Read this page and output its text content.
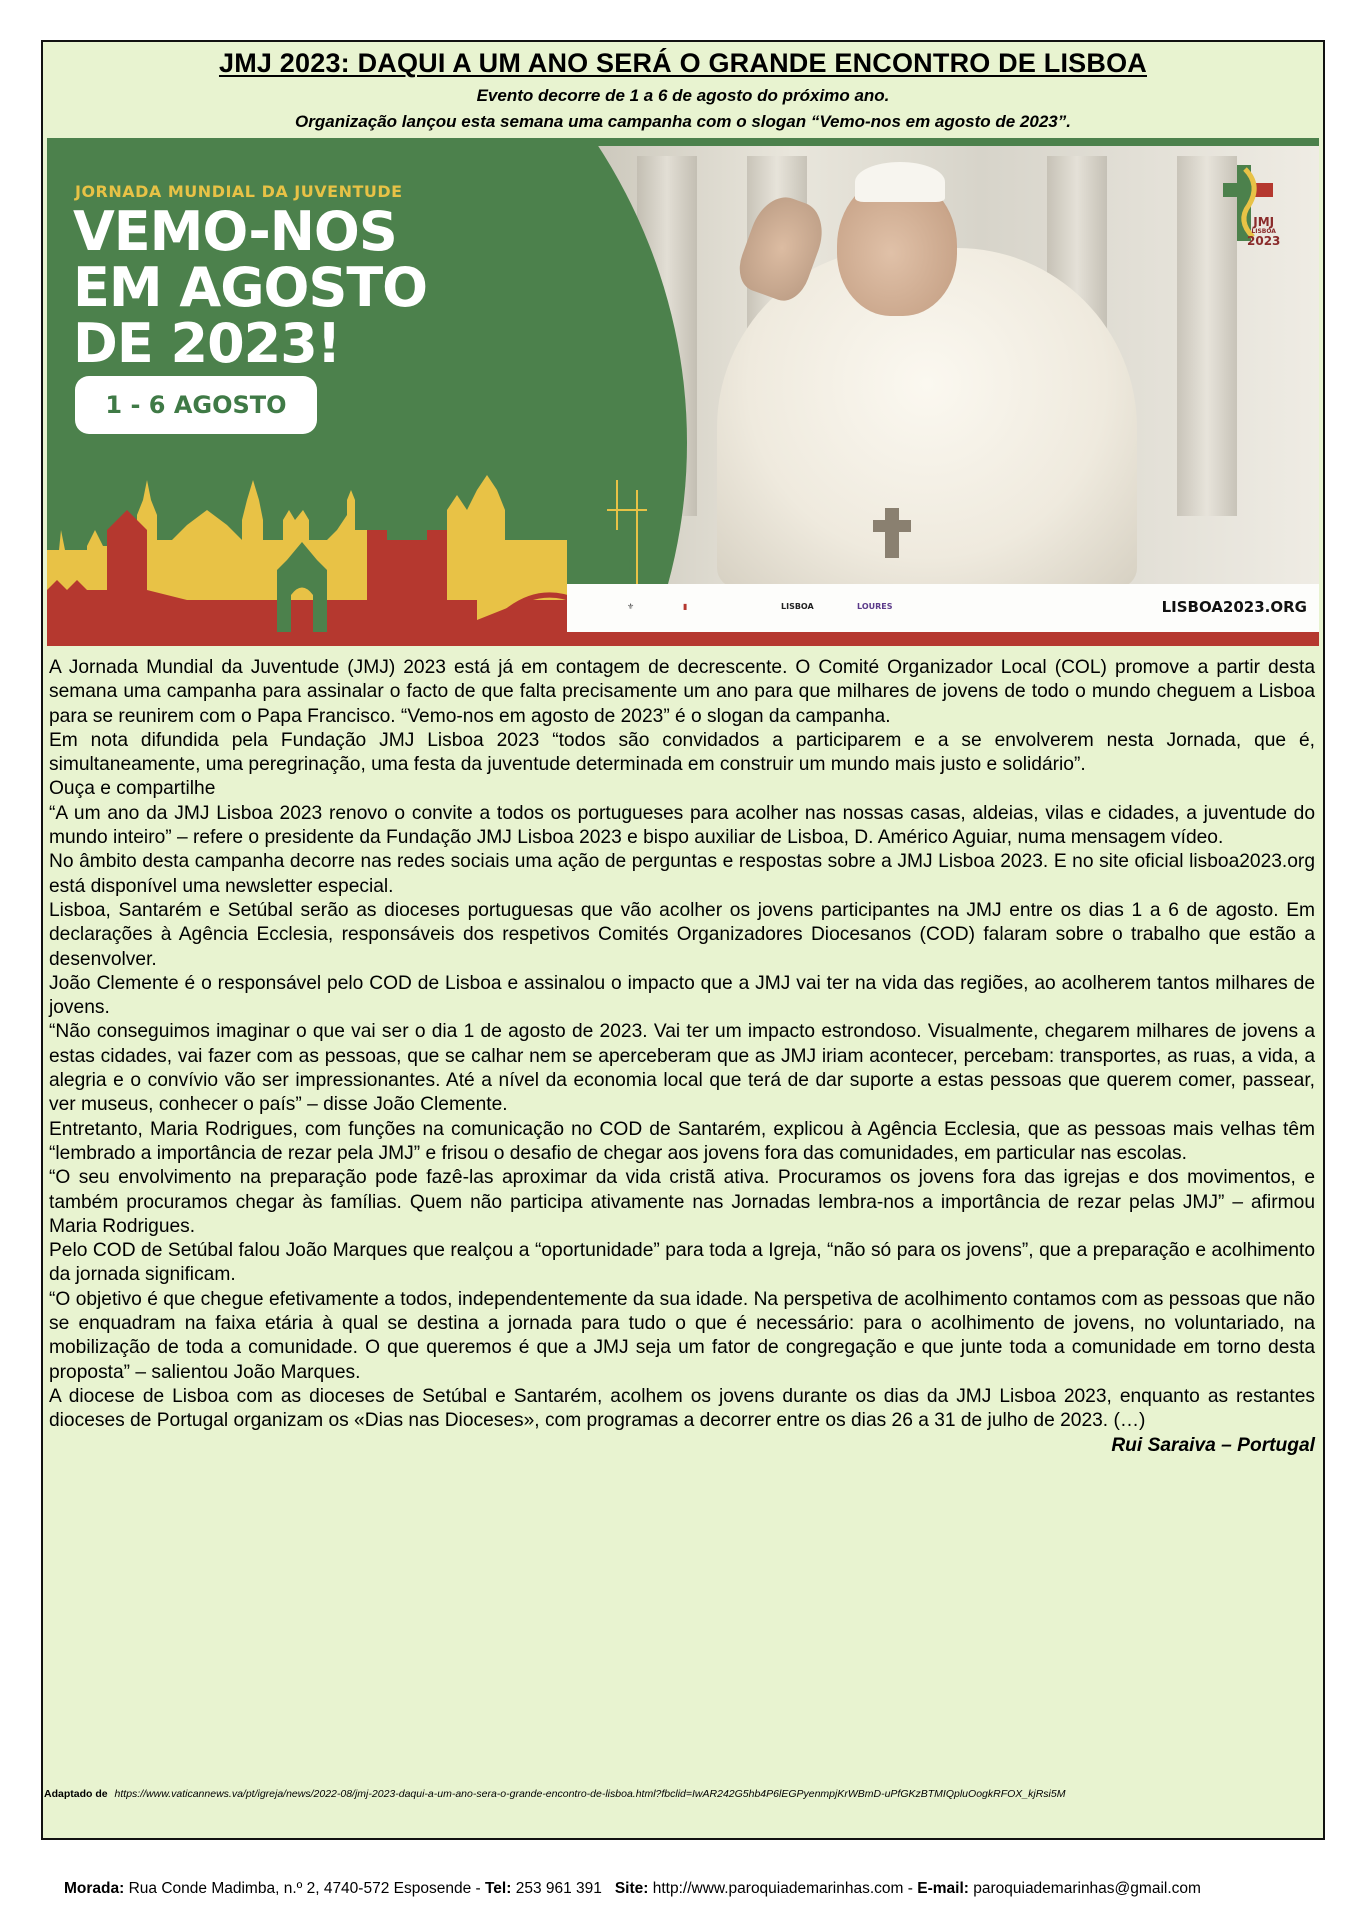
JMJ 2023: DAQUI A UM ANO SERÁ O GRANDE ENCONTRO DE LISBOA
Evento decorre de 1 a 6 de agosto do próximo ano.
Organização lançou esta semana uma campanha com o slogan “Vemo-nos em agosto de 2023”.
JORNADA MUNDIAL DA JUVENTUDE
VEMO-NOS
EM AGOSTO
DE 2023!
1 - 6 AGOSTO
JMJ
LISBOA
2023
⚜	▮	LISBOA	LOURES	LISBOA2023.ORG

A Jornada Mundial da Juventude (JMJ) 2023 está já em contagem de decrescente. O Comité Organizador Local (COL) promove a partir desta semana uma campanha para assinalar o facto de que falta precisamente um ano para que milhares de jovens de todo o mundo cheguem a Lisboa para se reunirem com o Papa Francisco. “Vemo-nos em agosto de 2023” é o slogan da campanha.

Em nota difundida pela Fundação JMJ Lisboa 2023 “todos são convidados a participarem e a se envolverem nesta Jornada, que é, simultaneamente, uma peregrinação, uma festa da juventude determinada em construir um mundo mais justo e solidário”.

Ouça e compartilhe

“A um ano da JMJ Lisboa 2023 renovo o convite a todos os portugueses para acolher nas nossas casas, aldeias, vilas e cidades, a juventude do mundo inteiro” – refere o presidente da Fundação JMJ Lisboa 2023 e bispo auxiliar de Lisboa, D. Américo Aguiar, numa mensagem vídeo.

No âmbito desta campanha decorre nas redes sociais uma ação de perguntas e respostas sobre a JMJ Lisboa 2023. E no site oficial lisboa2023.org está disponível uma newsletter especial.

Lisboa, Santarém e Setúbal serão as dioceses portuguesas que vão acolher os jovens participantes na JMJ entre os dias 1 a 6 de agosto. Em declarações à Agência Ecclesia, responsáveis dos respetivos Comités Organizadores Diocesanos (COD) falaram sobre o trabalho que estão a desenvolver.

João Clemente é o responsável pelo COD de Lisboa e assinalou o impacto que a JMJ vai ter na vida das regiões, ao acolherem tantos milhares de jovens.

“Não conseguimos imaginar o que vai ser o dia 1 de agosto de 2023. Vai ter um impacto estrondoso. Visualmente, chegarem milhares de jovens a estas cidades, vai fazer com as pessoas, que se calhar nem se aperceberam que as JMJ iriam acontecer, percebam: transportes, as ruas, a vida, a alegria e o convívio vão ser impressionantes. Até a nível da economia local que terá de dar suporte a estas pessoas que querem comer, passear, ver museus, conhecer o país” – disse João Clemente.

Entretanto, Maria Rodrigues, com funções na comunicação no COD de Santarém, explicou à Agência Ecclesia, que as pessoas mais velhas têm “lembrado a importância de rezar pela JMJ” e frisou o desafio de chegar aos jovens fora das comunidades, em particular nas escolas.

“O seu envolvimento na preparação pode fazê-las aproximar da vida cristã ativa. Procuramos os jovens fora das igrejas e dos movimentos, e também procuramos chegar às famílias. Quem não participa ativamente nas Jornadas lembra-nos a importância de rezar pelas JMJ” – afirmou Maria Rodrigues.

Pelo COD de Setúbal falou João Marques que realçou a “oportunidade” para toda a Igreja, “não só para os jovens”, que a preparação e acolhimento da jornada significam.

“O objetivo é que chegue efetivamente a todos, independentemente da sua idade. Na perspetiva de acolhimento contamos com as pessoas que não se enquadram na faixa etária à qual se destina a jornada para tudo o que é necessário: para o acolhimento de jovens, no voluntariado, na mobilização de toda a comunidade. O que queremos é que a JMJ seja um fator de congregação e que junte toda a comunidade em torno desta proposta” – salientou João Marques.

A diocese de Lisboa com as dioceses de Setúbal e Santarém, acolhem os jovens durante os dias da JMJ Lisboa 2023, enquanto as restantes dioceses de Portugal organizam os «Dias nas Dioceses», com programas a decorrer entre os dias 26 a 31 de julho de 2023. (…)
Rui Saraiva – Portugal

Adaptado de https://www.vaticannews.va/pt/igreja/news/2022-08/jmj-2023-daqui-a-um-ano-sera-o-grande-encontro-de-lisboa.html?fbclid=IwAR242G5hb4P6lEGPyenmpjKrWBmD-uPfGKzBTMIQpluOogkRFOX_kjRsi5M
Morada: Rua Conde Madimba, n.º 2, 4740-572 Esposende - Tel: 253 961 391 Site: http://www.paroquiademarinhas.com - E-mail: paroquiademarinhas@gmail.com
